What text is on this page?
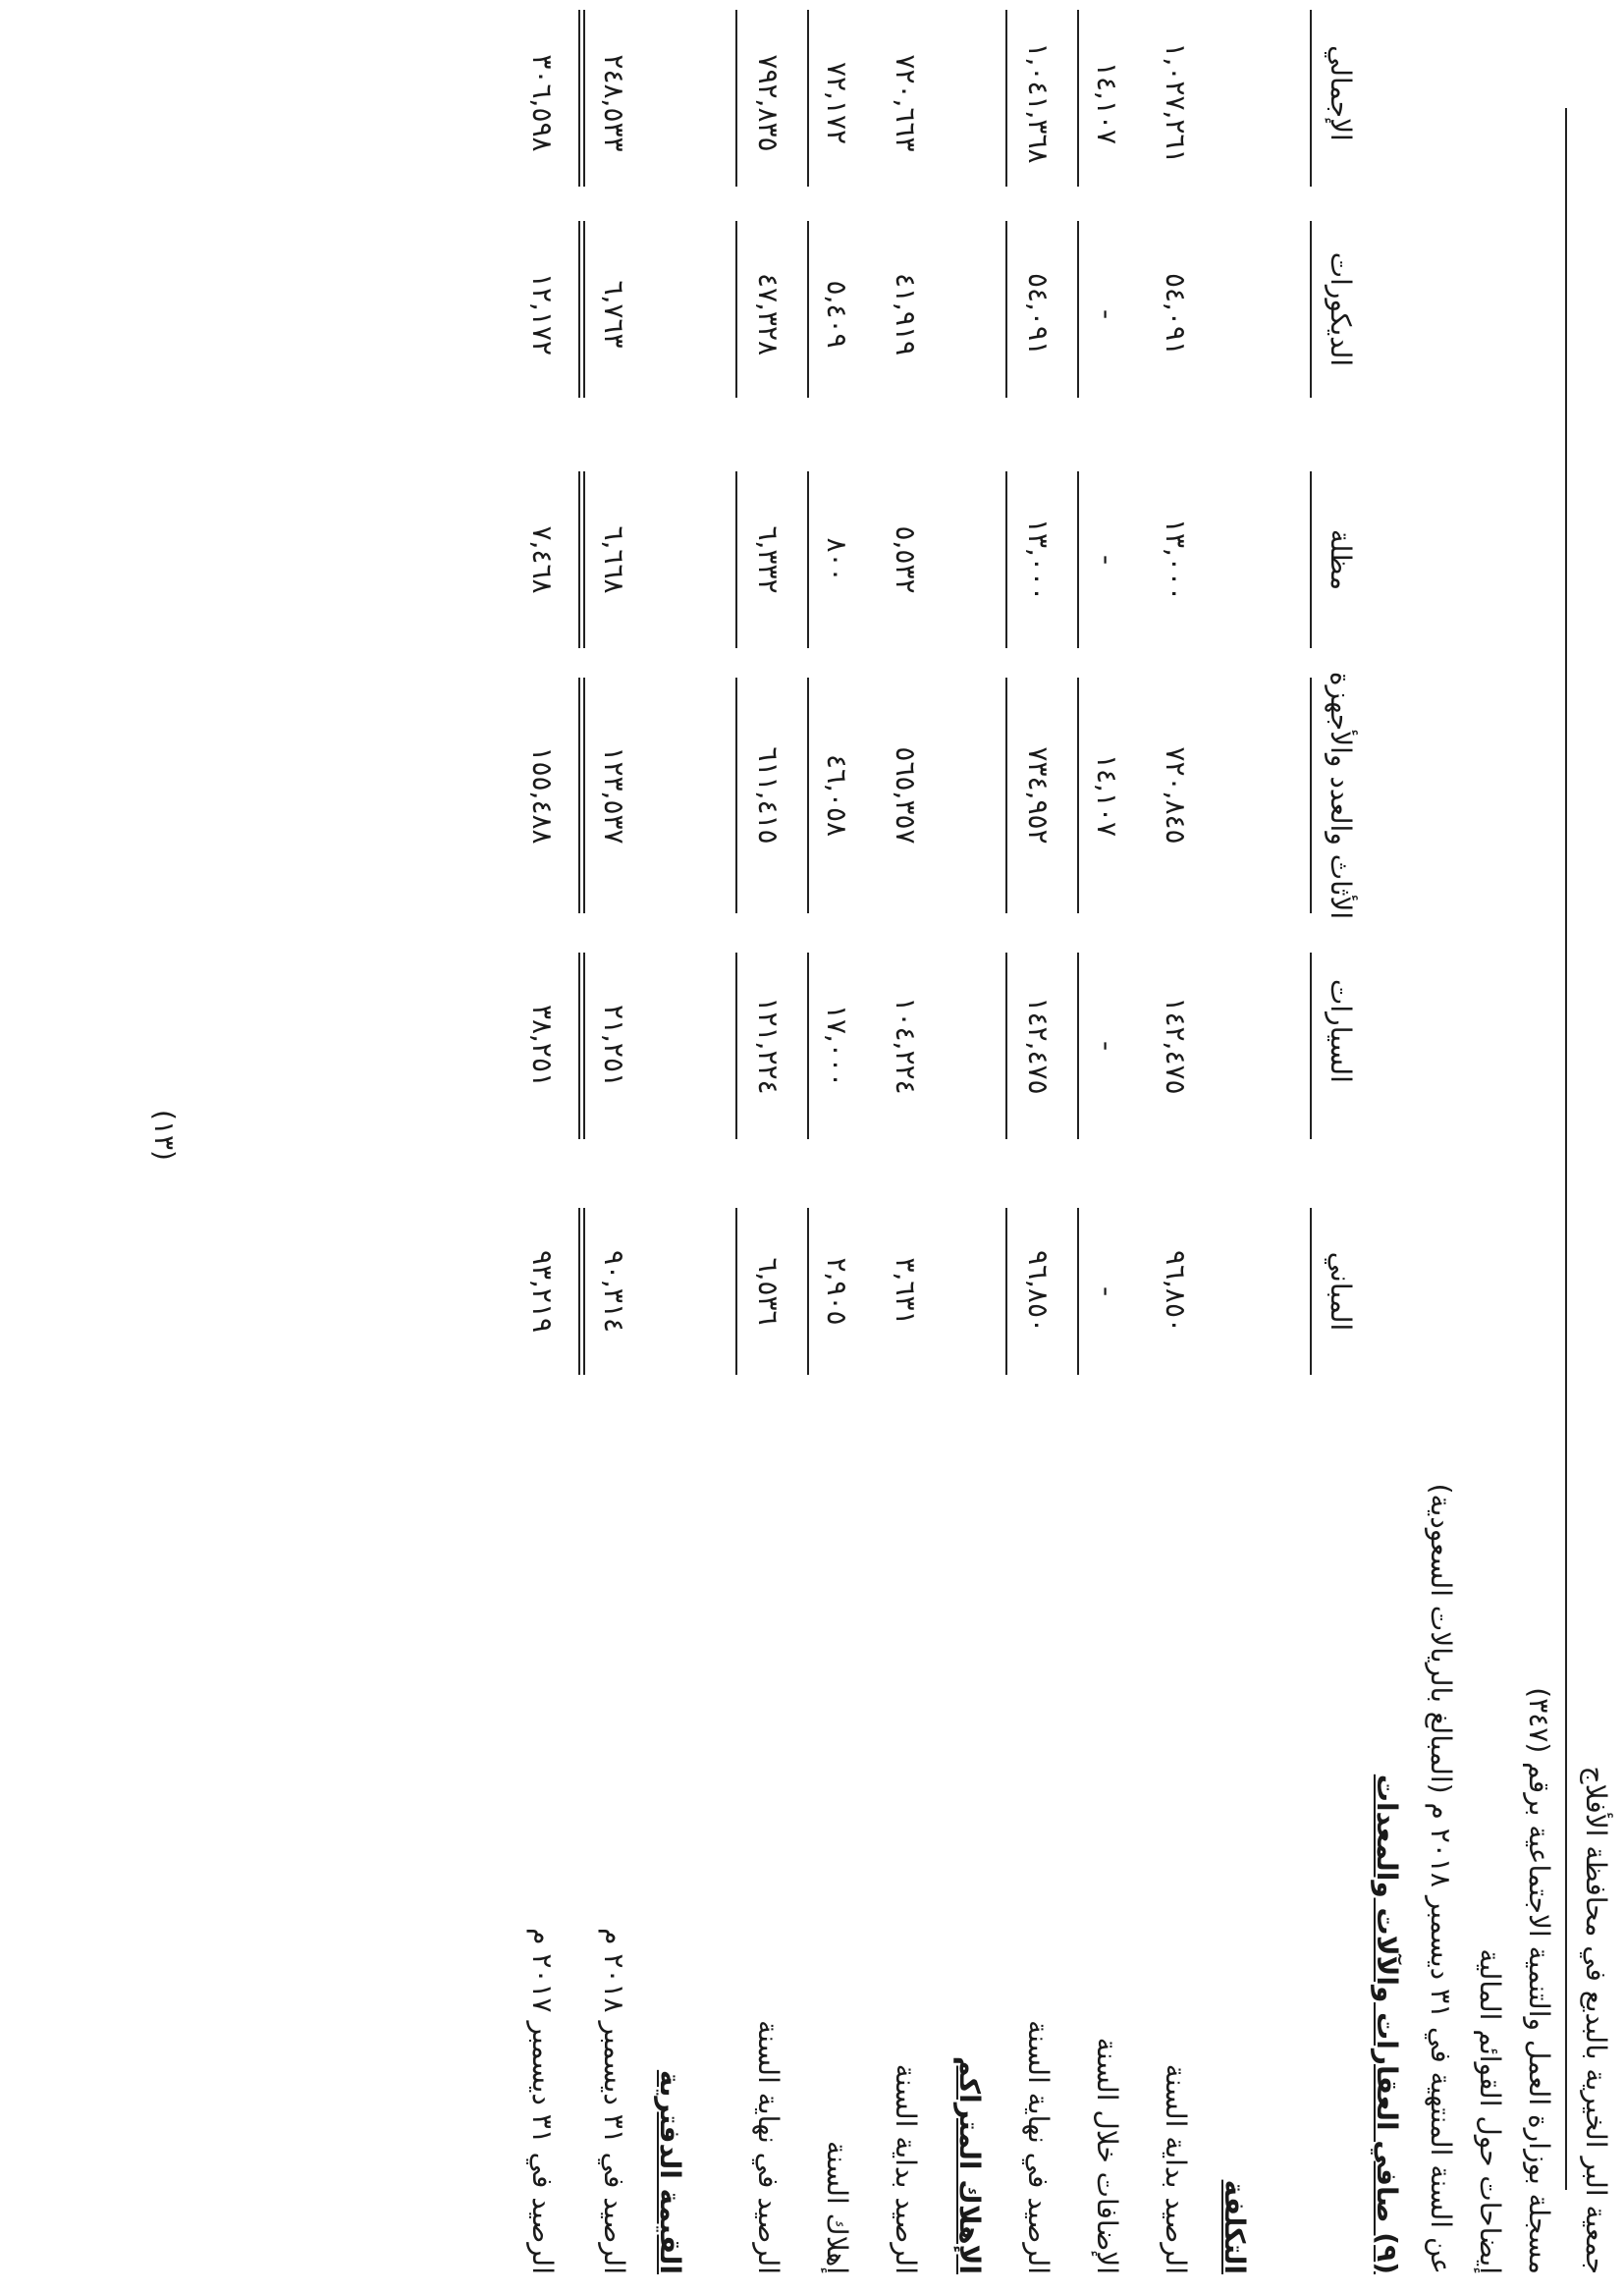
جمعية البر الخيرية بالبديع في محافظة الأفلاج
مسجلة بوزارة العمل والتنمية الاجتماعية برقم (٣٤٧)
إيضاحات حول القوائم المالية
عن السنة المنتهية في ٣١ ديسمبر ٢٠١٨ م (المبالغ بالريالات السعودية)
(٩) صافي العقارات والآلات والمعدات
المباني
السيارات
الأثاث والعدد والأجهزة
مظلة
الديكورات
الإجمالي
التكلفة
الرصيد بداية السنة
٩٦,٨٥٠
١٤٢,٤٧٥
٧٢٠,٨٤٥
١٣,٠٠٠
٥٤,٠٩١
١,٠٢٧,٢٦١
الإضافات خلال السنة
-
-
١٤,١٠٧
-
-
١٤,١٠٧
الرصيد في نهاية السنة
٩٦,٨٥٠
١٤٢,٤٧٥
٧٣٤,٩٥٢
١٣,٠٠٠
٥٤,٠٩١
١,٠٤١,٣٦٨
الإهلاك المتراكم
الرصيد بداية السنة
٣,٦٣١
١٠٤,٢٢٤
٥٦٥,٣٥٧
٥,٥٣٢
٤١,٩١٩
٧٢٠,٦٦٣
إهلاك السنة
٢,٩٠٥
١٧,٠٠٠
٤٦,٠٥٨
٨٠٠
٥,٤٠٩
٧٢,١٧٢
الرصيد في نهاية السنة
٦,٥٣٦
١٢١,٢٢٤
٦١١,٤١٥
٦,٣٣٢
٤٧,٣٢٨
٧٩٢,٨٣٥
القيمة الدفترية
الرصيد في ٣١ ديسمبر ٢٠١٨ م
٩٠,٣١٤
٢١,٢٥١
١٢٣,٥٣٧
٦,٦٦٨
٦,٧٦٣
٢٤٨,٥٣٣
الرصيد في ٣١ ديسمبر ٢٠١٧ م
٩٣,٢١٩
٣٨,٢٥١
١٥٥,٤٨٨
٧,٤٦٨
١٢,١٧٢
٣٠٦,٥٩٨
(١٣)
